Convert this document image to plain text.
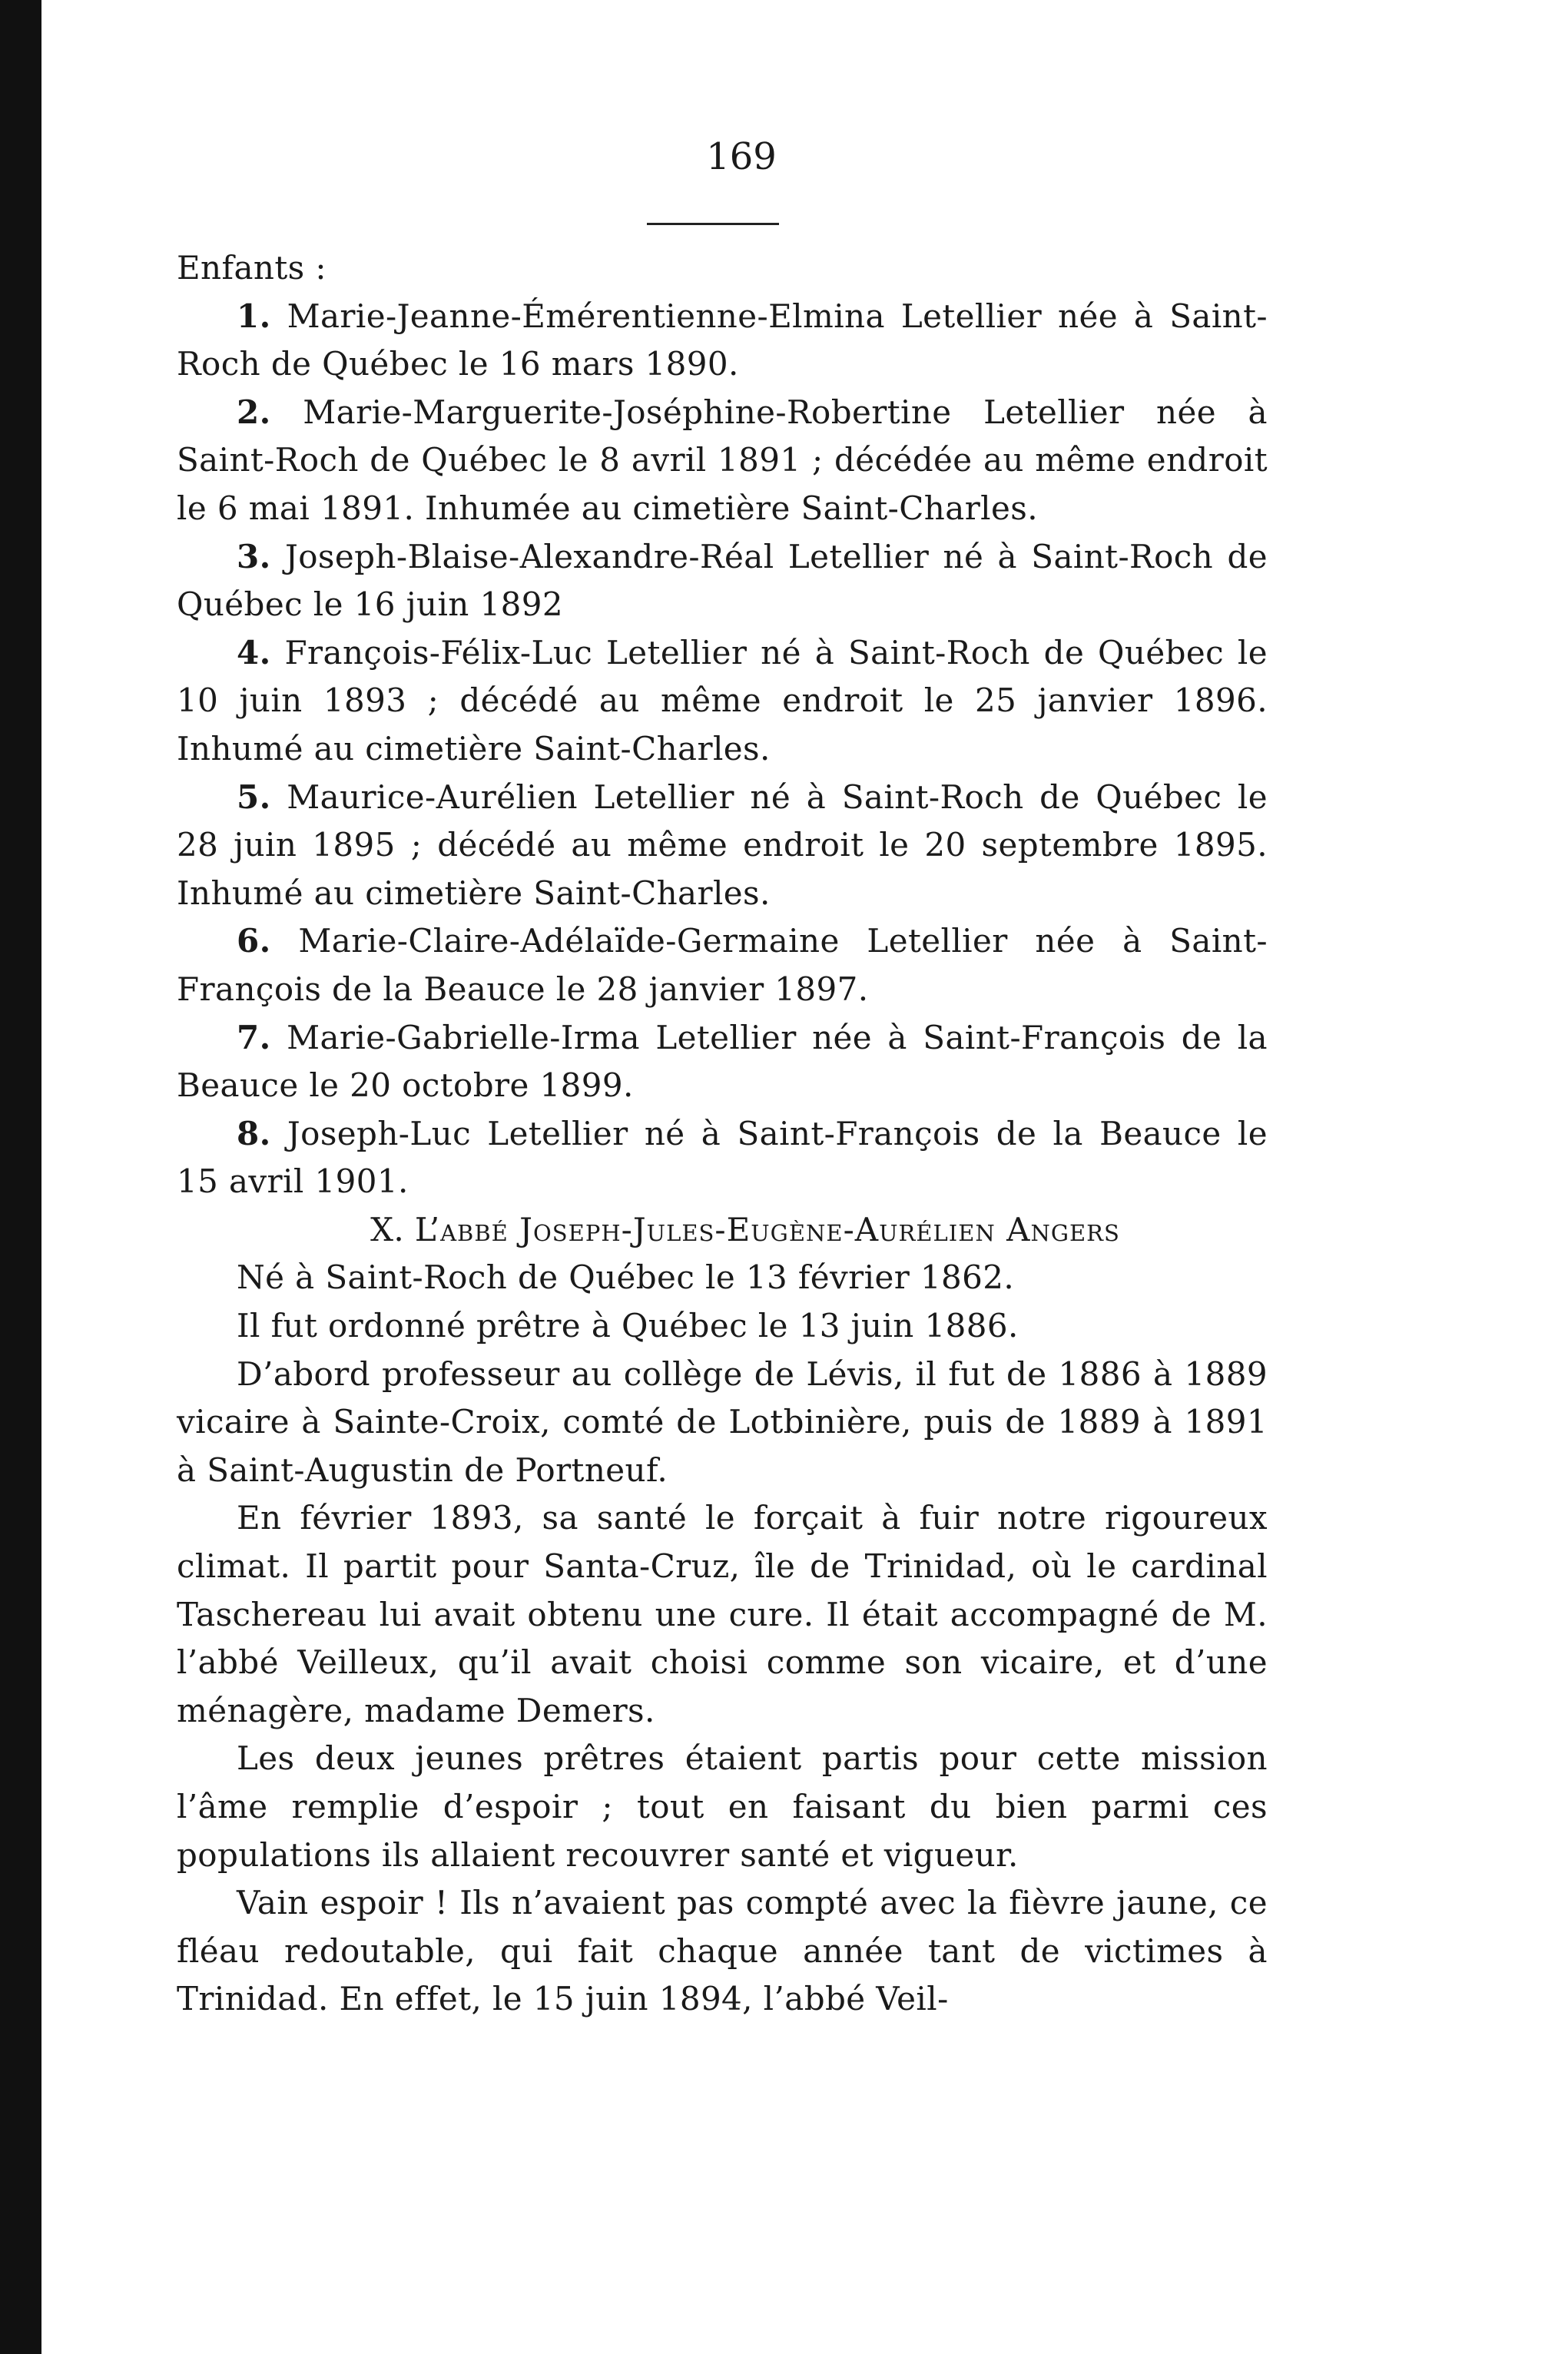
169

Enfants :

1. Marie-Jeanne-Émérentienne-Elmina Letellier née à Saint-Roch de Québec le 16 mars 1890.

2. Marie-Marguerite-Joséphine-Robertine Letellier née à Saint-Roch de Québec le 8 avril 1891 ; décédée au même endroit le 6 mai 1891. Inhumée au cimetière Saint-Charles.

3. Joseph-Blaise-Alexandre-Réal Letellier né à Saint-Roch de Québec le 16 juin 1892

4. François-Félix-Luc Letellier né à Saint-Roch de Québec le 10 juin 1893 ; décédé au même endroit le 25 janvier 1896. Inhumé au cimetière Saint-Charles.

5. Maurice-Aurélien Letellier né à Saint-Roch de Québec le 28 juin 1895 ; décédé au même endroit le 20 septembre 1895. Inhumé au cimetière Saint-Charles.

6. Marie-Claire-Adélaïde-Germaine Letellier née à Saint-François de la Beauce le 28 janvier 1897.

7. Marie-Gabrielle-Irma Letellier née à Saint-François de la Beauce le 20 octobre 1899.

8. Joseph-Luc Letellier né à Saint-François de la Beauce le 15 avril 1901.

X. L’abbé Joseph-Jules-Eugène-Aurélien Angers

Né à Saint-Roch de Québec le 13 février 1862.

Il fut ordonné prêtre à Québec le 13 juin 1886.

D’abord professeur au collège de Lévis, il fut de 1886 à 1889 vicaire à Sainte-Croix, comté de Lotbinière, puis de 1889 à 1891 à Saint-Augustin de Portneuf.

En février 1893, sa santé le forçait à fuir notre rigoureux climat. Il partit pour Santa-Cruz, île de Trinidad, où le cardinal Taschereau lui avait obtenu une cure. Il était accompagné de M. l’abbé Veilleux, qu’il avait choisi comme son vicaire, et d’une ménagère, madame Demers.

Les deux jeunes prêtres étaient partis pour cette mission l’âme remplie d’espoir ; tout en faisant du bien parmi ces populations ils allaient recouvrer santé et vigueur.

Vain espoir ! Ils n’avaient pas compté avec la fièvre jaune, ce fléau redoutable, qui fait chaque année tant de victimes à Trinidad. En effet, le 15 juin 1894, l’abbé Veil-
